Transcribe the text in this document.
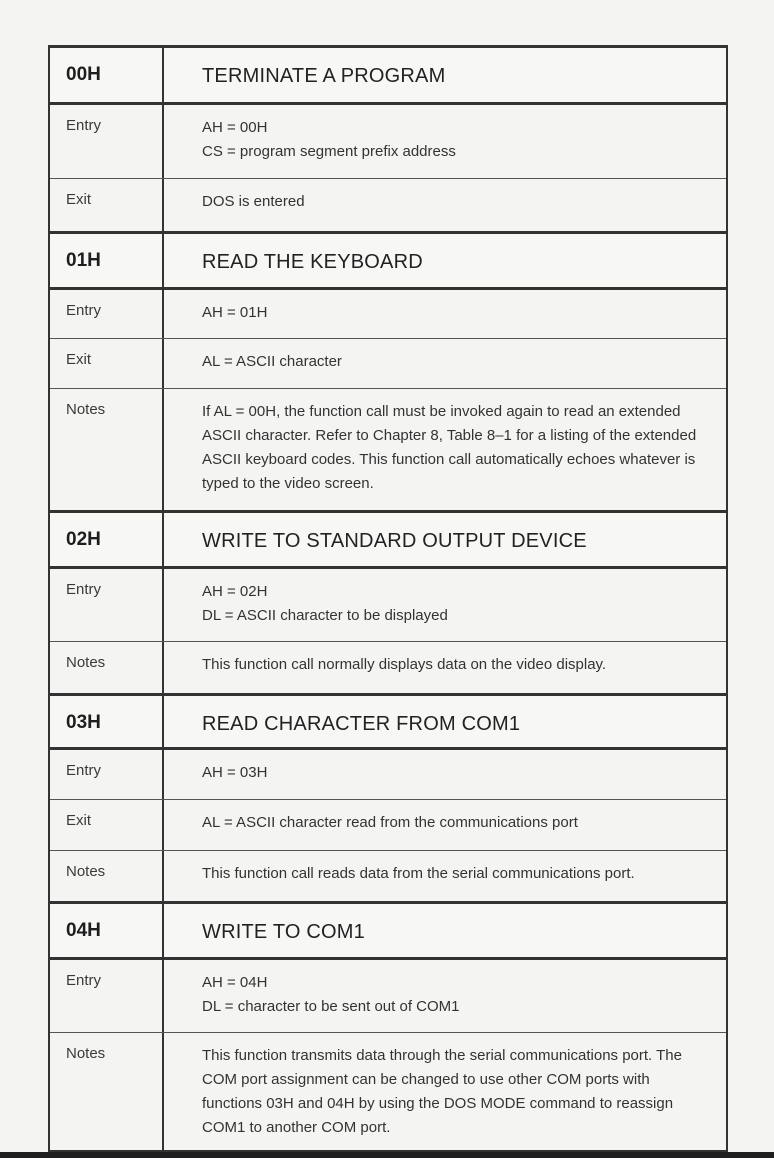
00H	TERMINATE A PROGRAM
Entry	AH = 00H
CS = program segment prefix address
Exit	DOS is entered
01H	READ THE KEYBOARD
Entry	AH = 01H
Exit	AL = ASCII character
Notes	If AL = 00H, the function call must be invoked again to read an extended ASCII character. Refer to Chapter 8, Table 8–1 for a listing of the extended ASCII keyboard codes. This function call automatically echoes whatever is typed to the video screen.
02H	WRITE TO STANDARD OUTPUT DEVICE
Entry	AH = 02H
DL = ASCII character to be displayed
Notes	This function call normally displays data on the video display.
03H	READ CHARACTER FROM COM1
Entry	AH = 03H
Exit	AL = ASCII character read from the communications port
Notes	This function call reads data from the serial communications port.
04H	WRITE TO COM1
Entry	AH = 04H
DL = character to be sent out of COM1
Notes	This function transmits data through the serial communications port. The COM port assignment can be changed to use other COM ports with functions 03H and 04H by using the DOS MODE command to reassign COM1 to another COM port.
